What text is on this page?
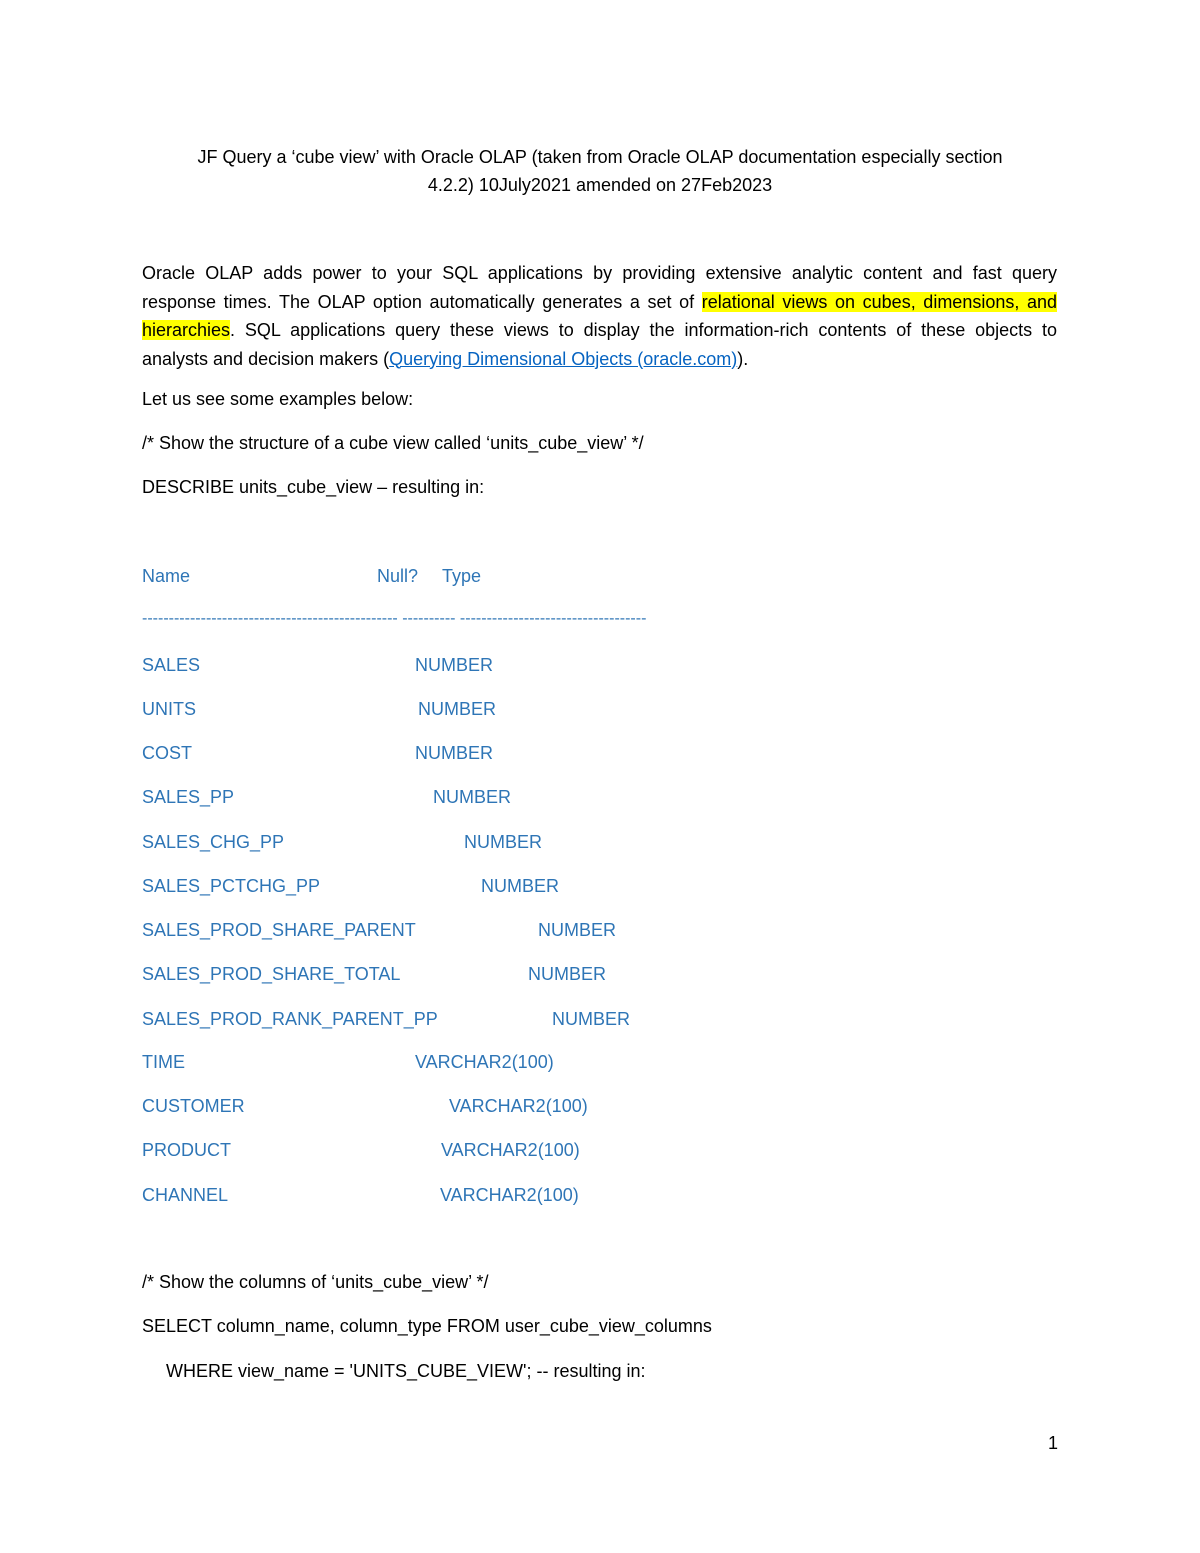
JF Query a ‘cube view’ with Oracle OLAP (taken from Oracle OLAP documentation especially section
4.2.2) 10July2021 amended on 27Feb2023

Oracle OLAP adds power to your SQL applications by providing extensive analytic content and fast query response times. The OLAP option automatically generates a set of relational views on cubes, dimensions, and hierarchies. SQL applications query these views to display the information-rich contents of these objects to analysts and decision makers (Querying Dimensional Objects (oracle.com)).

Let us see some examples below:

/* Show the structure of a cube view called ‘units_cube_view’ */

DESCRIBE units_cube_view – resulting in:

Name	Null? Type
------------------------------------------------ ---------- -----------------------------------
SALES	NUMBER
UNITS	NUMBER
COST	NUMBER
SALES_PP	NUMBER
SALES_CHG_PP	NUMBER
SALES_PCTCHG_PP	NUMBER
SALES_PROD_SHARE_PARENT	NUMBER
SALES_PROD_SHARE_TOTAL	NUMBER
SALES_PROD_RANK_PARENT_PP	NUMBER
TIME	VARCHAR2(100)
CUSTOMER	VARCHAR2(100)
PRODUCT	VARCHAR2(100)
CHANNEL	VARCHAR2(100)

/* Show the columns of ‘units_cube_view’ */

SELECT column_name, column_type FROM user_cube_view_columns

WHERE view_name = 'UNITS_CUBE_VIEW'; -- resulting in:

1
